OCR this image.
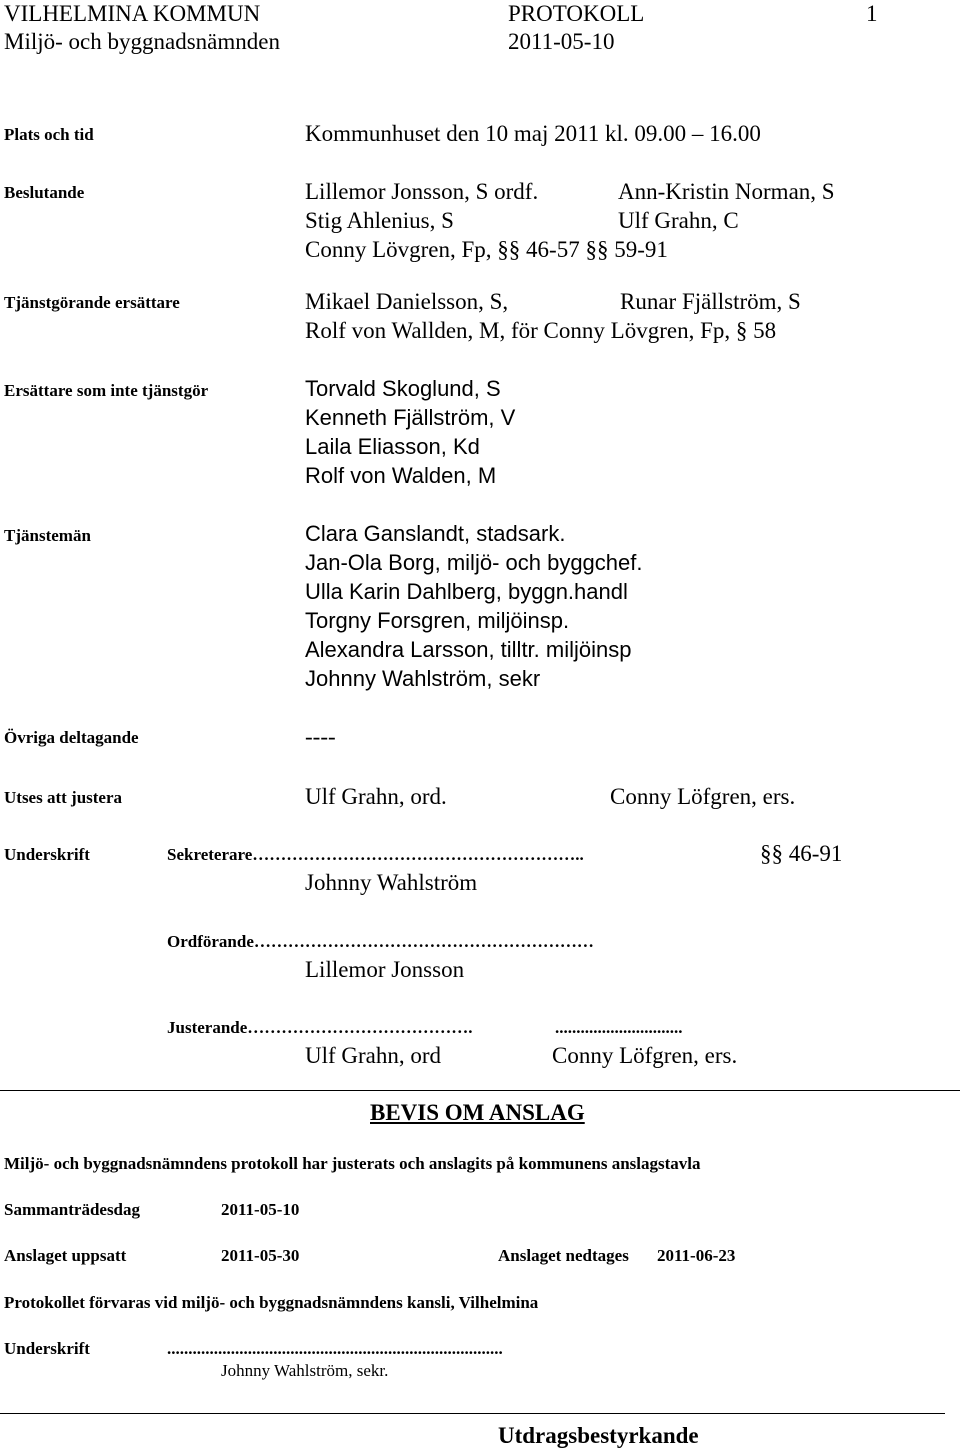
VILHELMINA KOMMUN	PROTOKOLL	1
Miljö- och byggnadsnämnden	2011-05-10
Plats och tid	Kommunhuset den 10 maj 2011 kl. 09.00 – 16.00
Beslutande	Lillemor Jonsson, S ordf.	Ann-Kristin Norman, S
Stig Ahlenius, S	Ulf Grahn, C
Conny Lövgren, Fp, §§ 46-57 §§ 59-91
Tjänstgörande ersättare	Mikael Danielsson, S,	Runar Fjällström, S
Rolf von Wallden, M, för Conny Lövgren, Fp, § 58
Ersättare som inte tjänstgör	Torvald Skoglund, S
Kenneth Fjällström, V
Laila Eliasson, Kd
Rolf von Walden, M
Tjänstemän	Clara Ganslandt, stadsark.
Jan-Ola Borg, miljö- och byggchef.
Ulla Karin Dahlberg, byggn.handl
Torgny Forsgren, miljöinsp.
Alexandra Larsson, tilltr. miljöinsp
Johnny Wahlström, sekr
Övriga deltagande	----
Utses att justera	Ulf Grahn, ord.	Conny Löfgren, ers.
Underskrift	Sekreterare…………………………………………………..	§§ 46-91
Johnny Wahlström
Ordförande……………………………………………………
Lillemor Jonsson
Justerande………………………………….	..............................
Ulf Grahn, ord	Conny Löfgren, ers.
BEVIS OM ANSLAG
Miljö- och byggnadsnämndens protokoll har justerats och anslagits på kommunens anslagstavla
Sammanträdesdag	2011-05-10
Anslaget uppsatt	2011-05-30	Anslaget nedtages 2011-06-23
Protokollet förvaras vid miljö- och byggnadsnämndens kansli, Vilhelmina
Underskrift	...............................................................................
Johnny Wahlström, sekr.
Utdragsbestyrkande
